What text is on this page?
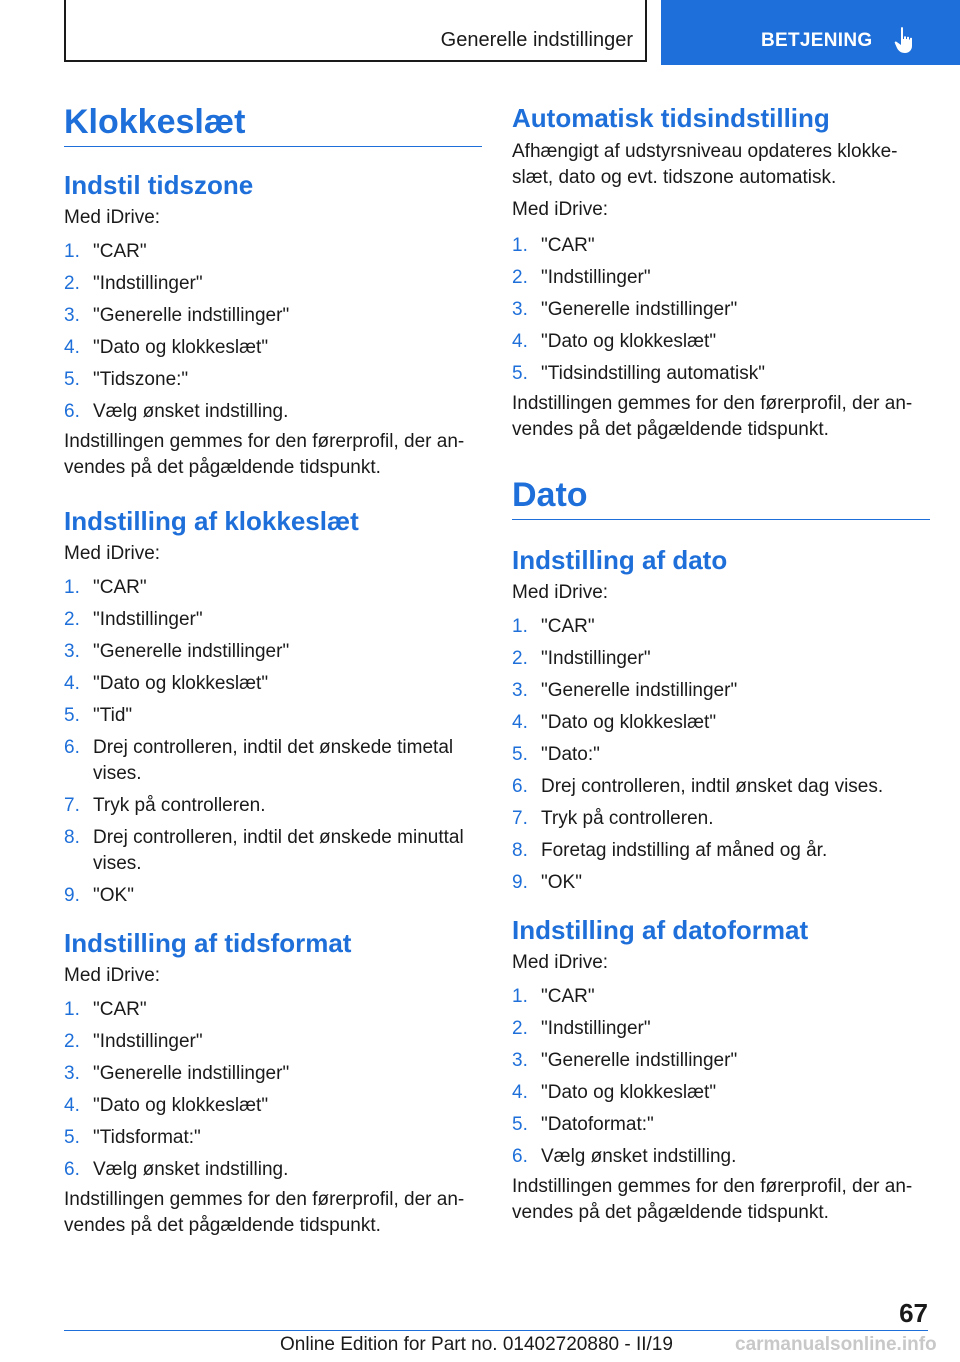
Generelle indstillinger	BETJENING
Klokkeslæt
Indstil tidszone

Med iDrive:

1. "CAR"
2. "Indstillinger"
3. "Generelle indstillinger"
4. "Dato og klokkeslæt"
5. "Tidszone:"
6. Vælg ønsket indstilling.

Indstillingen gemmes for den førerprofil, der an‐vendes på det pågældende tidspunkt.

Indstilling af klokkeslæt

Med iDrive:

1. "CAR"
2. "Indstillinger"
3. "Generelle indstillinger"
4. "Dato og klokkeslæt"
5. "Tid"
6. Drej controlleren, indtil det ønskede timetal vises.
7. Tryk på controlleren.
8. Drej controlleren, indtil det ønskede minuttal vises.
9. "OK"
Indstilling af tidsformat

Med iDrive:

1. "CAR"
2. "Indstillinger"
3. "Generelle indstillinger"
4. "Dato og klokkeslæt"
5. "Tidsformat:"
6. Vælg ønsket indstilling.

Indstillingen gemmes for den førerprofil, der an‐vendes på det pågældende tidspunkt.

Automatisk tidsindstilling

Afhængigt af udstyrsniveau opdateres klokke‐slæt, dato og evt. tidszone automatisk.

Med iDrive:

1. "CAR"
2. "Indstillinger"
3. "Generelle indstillinger"
4. "Dato og klokkeslæt"
5. "Tidsindstilling automatisk"

Indstillingen gemmes for den førerprofil, der an‐vendes på det pågældende tidspunkt.

Dato
Indstilling af dato

Med iDrive:

1. "CAR"
2. "Indstillinger"
3. "Generelle indstillinger"
4. "Dato og klokkeslæt"
5. "Dato:"
6. Drej controlleren, indtil ønsket dag vises.
7. Tryk på controlleren.
8. Foretag indstilling af måned og år.
9. "OK"
Indstilling af datoformat

Med iDrive:

1. "CAR"
2. "Indstillinger"
3. "Generelle indstillinger"
4. "Dato og klokkeslæt"
5. "Datoformat:"
6. Vælg ønsket indstilling.

Indstillingen gemmes for den førerprofil, der an‐vendes på det pågældende tidspunkt.

67
Online Edition for Part no. 01402720880 - II/19	carmanualsonline.info
